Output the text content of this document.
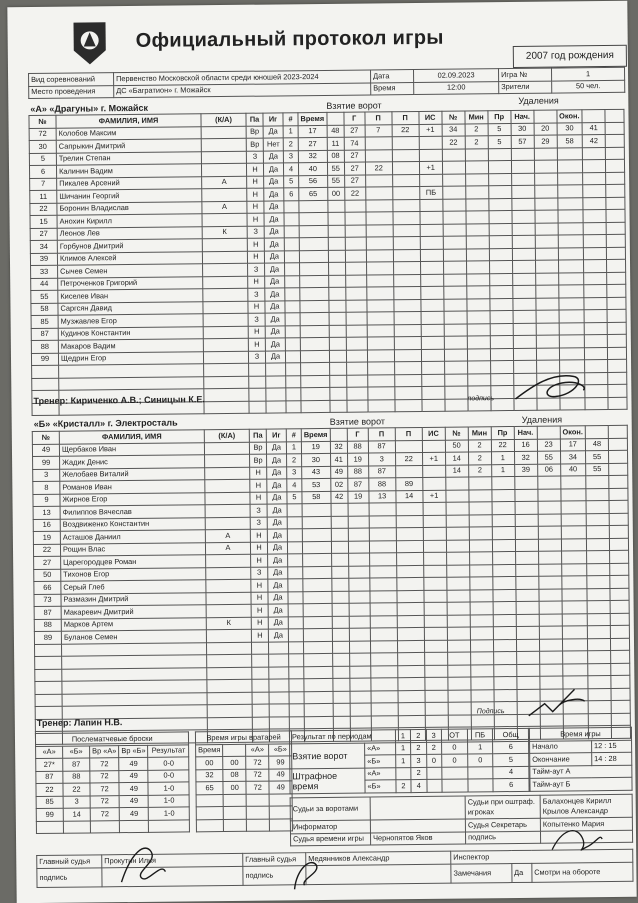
Официальный протокол игры
2007 год рождения
Вид соревнований	Первенство Московской области среди юношей 2023-2024	Дата	02.09.2023	Игра №	1
Место проведения	ДС «Багратион» г. Можайск	Время	12:00	Зрители	50 чел.
«А» «Драгуны» г. Можайск	Взятие ворот	Удаления
№	ФАМИЛИЯ, ИМЯ	(К/А)	Па	Иг	#	Время		Г	П	П	ИС	№	Мин	Пр	Нач.		Окон.		
72	Колобов Максим		Вр	Да	1	17	48	27	7	22	+1	34	2	5	30	20	30	41	
30	Сапрыкин Дмитрий		Вр	Нет	2	27	11	74				22	2	5	57	29	58	42	
5	Трелин Степан		З	Да	3	32	08	27											
6	Калинин Вадим		Н	Да	4	40	55	27	22		+1								
7	Пикалев Арсений	А	Н	Да	5	56	55	27											
11	Шичанин Георгий		Н	Да	6	65	00	22			ПБ								
22	Боронин Владислав	А	Н	Да															
15	Анохин Кирилл		Н	Да															
27	Леонов Лев	К	З	Да															
34	Горбунов Дмитрий		Н	Да															
39	Климов Алексей		Н	Да															
33	Сычев Семен		З	Да															
44	Петроченков Григорий		Н	Да															
55	Киселев Иван		З	Да															
58	Саргсян Давид		Н	Да															
85	Музжавлев Егор		З	Да															
87	Кудинов Константин		Н	Да															
88	Макаров Вадим		Н	Да															
99	Щедрин Егор		З	Да															

Тренер: Кириченко А.В.; Синицын К.Е.	подпись
«Б» «Кристалл» г. Электросталь	Взятие ворот	Удаления
№	ФАМИЛИЯ, ИМЯ	(К/А)	Па	Иг	#	Время		Г	П	П	ИС	№	Мин	Пр	Нач.		Окон.		
49	Щербаков Иван		Вр	Да	1	19	32	88	87			50	2	22	16	23	17	48	
99	Жадик Денис		Вр	Да	2	30	41	19	3	22	+1	14	2	1	32	55	34	55	
3	Желобаев Виталий		Н	Да	3	43	49	88	87			14	2	1	39	06	40	55	
8	Романов Иван		Н	Да	4	53	02	87	88	89									
9	Жирнов Егор		Н	Да	5	58	42	19	13	14	+1								
13	Филиппов Вячеслав		З	Да															
16	Воздвиженко Константин		З	Да															
19	Асташов Даниил	А	Н	Да															
22	Рощин Влас	А	Н	Да															
27	Царегородцев Роман		Н	Да															
50	Тихонов Егор		З	Да															
66	Серый Глеб		Н	Да															
73	Размазин Дмитрий		Н	Да															
87	Макаревич Дмитрий		Н	Да															
88	Марков Артем	К	Н	Да															
89	Буланов Семен		Н	Да															

Тренер: Лапин Н.В.
Подпись
Послематчевые броски				
«А»	«Б»	Вр «А»	Вр «Б»	Результат
27*	87	72	49	0-0
87	88	72	49	0-0
22	22	72	49	1-0
85	3	72	49	1-0
99	14	72	49	1-0

Время игры вратарей			
Время		«А»	«Б»
00	00	72	99
32	08	72	49
65	00	72	49

Результат по периодам		1	2	3	ОТ	ПБ	Общ
Взятие ворот	«А»	1	2	2	0	1	6
	«Б»	1	3	0	0	0	5
Штрафное время	«А»		2				4
	«Б»	2	4				6
Время игры	
Начало	12 : 15
Окончание	14 : 28
Тайм-аут А	
Тайм-аут Б	
Судьи за воротами		Судьи при оштраф. игроках	Балахонцев Кирилл
Крылов Александр
Информатор		Судья Секретарь	Копытенко Мария
Судья времени игры	Чернопятов Яков	подпись	
Главный судья	Прокутин Илья	Главный судья	Медянников Александр	Инспектор		
подпись		подпись		Замечания	Да	Смотри на обороте
